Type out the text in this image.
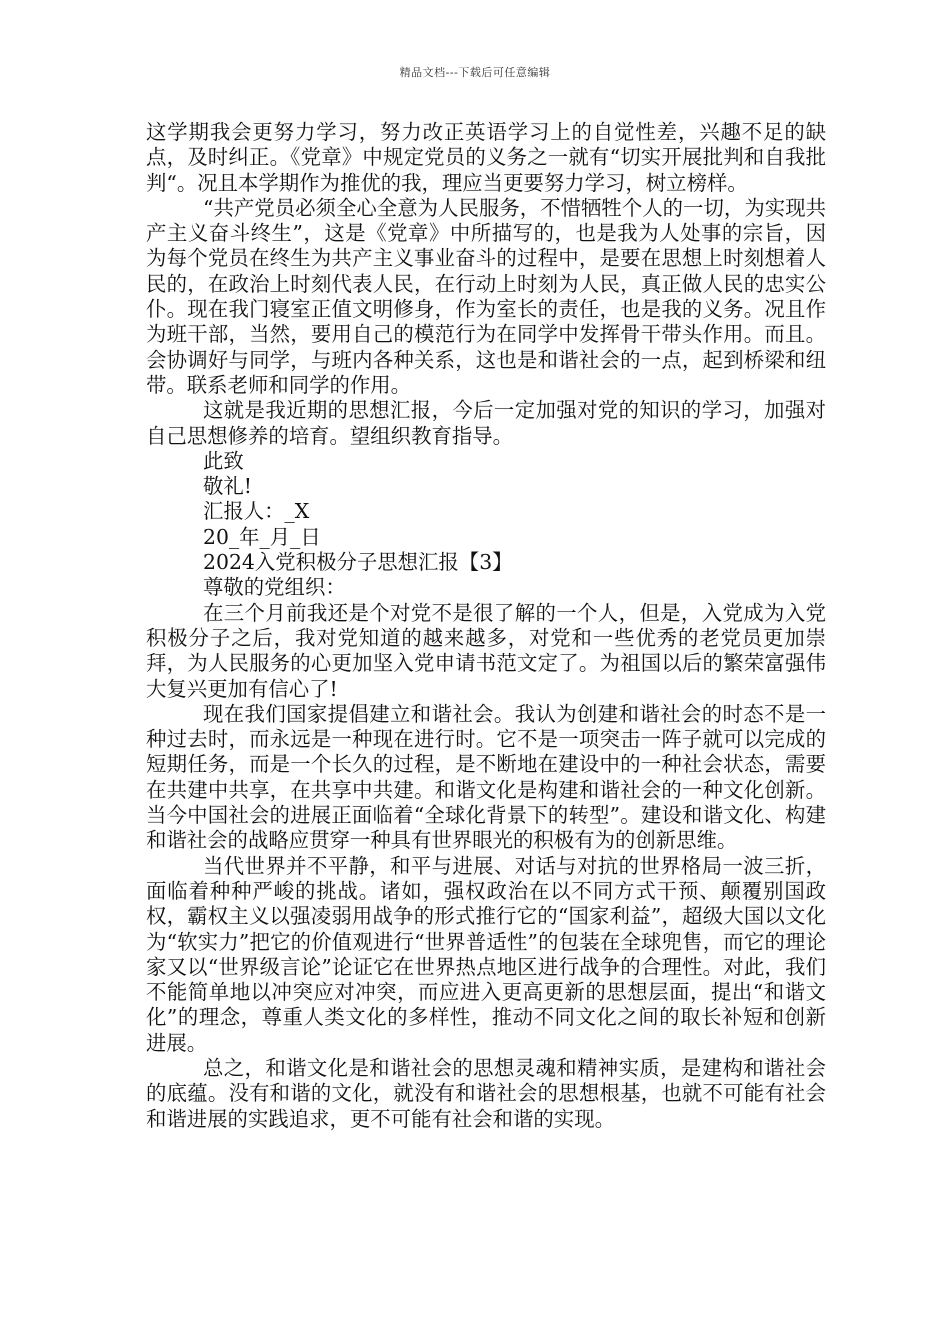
精品文档---下载后可任意编辑

这学期我会更努力学习，努力改正英语学习上的自觉性差，兴趣不足的缺点，及时纠正。《党章》中规定党员的义务之一就有“切实开展批判和自我批判“。况且本学期作为推优的我，理应当更要努力学习，树立榜样。

“共产党员必须全心全意为人民服务，不惜牺牲个人的一切，为实现共产主义奋斗终生”，这是《党章》中所描写的，也是我为人处事的宗旨，因为每个党员在终生为共产主义事业奋斗的过程中，是要在思想上时刻想着人民的，在政治上时刻代表人民，在行动上时刻为人民，真正做人民的忠实公仆。现在我门寝室正值文明修身，作为室长的责任，也是我的义务。况且作为班干部，当然，要用自己的模范行为在同学中发挥骨干带头作用。而且。会协调好与同学，与班内各种关系，这也是和谐社会的一点，起到桥梁和纽带。联系老师和同学的作用。

这就是我近期的思想汇报，今后一定加强对党的知识的学习，加强对自己思想修养的培育。望组织教育指导。

此致

敬礼!

汇报人：_X

20_年_月_日

2024入党积极分子思想汇报【3】

尊敬的党组织：

在三个月前我还是个对党不是很了解的一个人，但是，入党成为入党积极分子之后，我对党知道的越来越多，对党和一些优秀的老党员更加崇拜，为人民服务的心更加坚入党申请书范文定了。为祖国以后的繁荣富强伟大复兴更加有信心了!

现在我们国家提倡建立和谐社会。我认为创建和谐社会的时态不是一种过去时，而永远是一种现在进行时。它不是一项突击一阵子就可以完成的短期任务，而是一个长久的过程，是不断地在建设中的一种社会状态，需要在共建中共享，在共享中共建。和谐文化是构建和谐社会的一种文化创新。当今中国社会的进展正面临着“全球化背景下的转型”。建设和谐文化、构建和谐社会的战略应贯穿一种具有世界眼光的积极有为的创新思维。

当代世界并不平静，和平与进展、对话与对抗的世界格局一波三折，面临着种种严峻的挑战。诸如，强权政治在以不同方式干预、颠覆别国政权，霸权主义以强凌弱用战争的形式推行它的“国家利益”，超级大国以文化为“软实力”把它的价值观进行“世界普适性”的包装在全球兜售，而它的理论家又以“世界级言论”论证它在世界热点地区进行战争的合理性。对此，我们不能简单地以冲突应对冲突，而应进入更高更新的思想层面，提出“和谐文化”的理念，尊重人类文化的多样性，推动不同文化之间的取长补短和创新进展。

总之，和谐文化是和谐社会的思想灵魂和精神实质，是建构和谐社会的底蕴。没有和谐的文化，就没有和谐社会的思想根基，也就不可能有社会和谐进展的实践追求，更不可能有社会和谐的实现。
